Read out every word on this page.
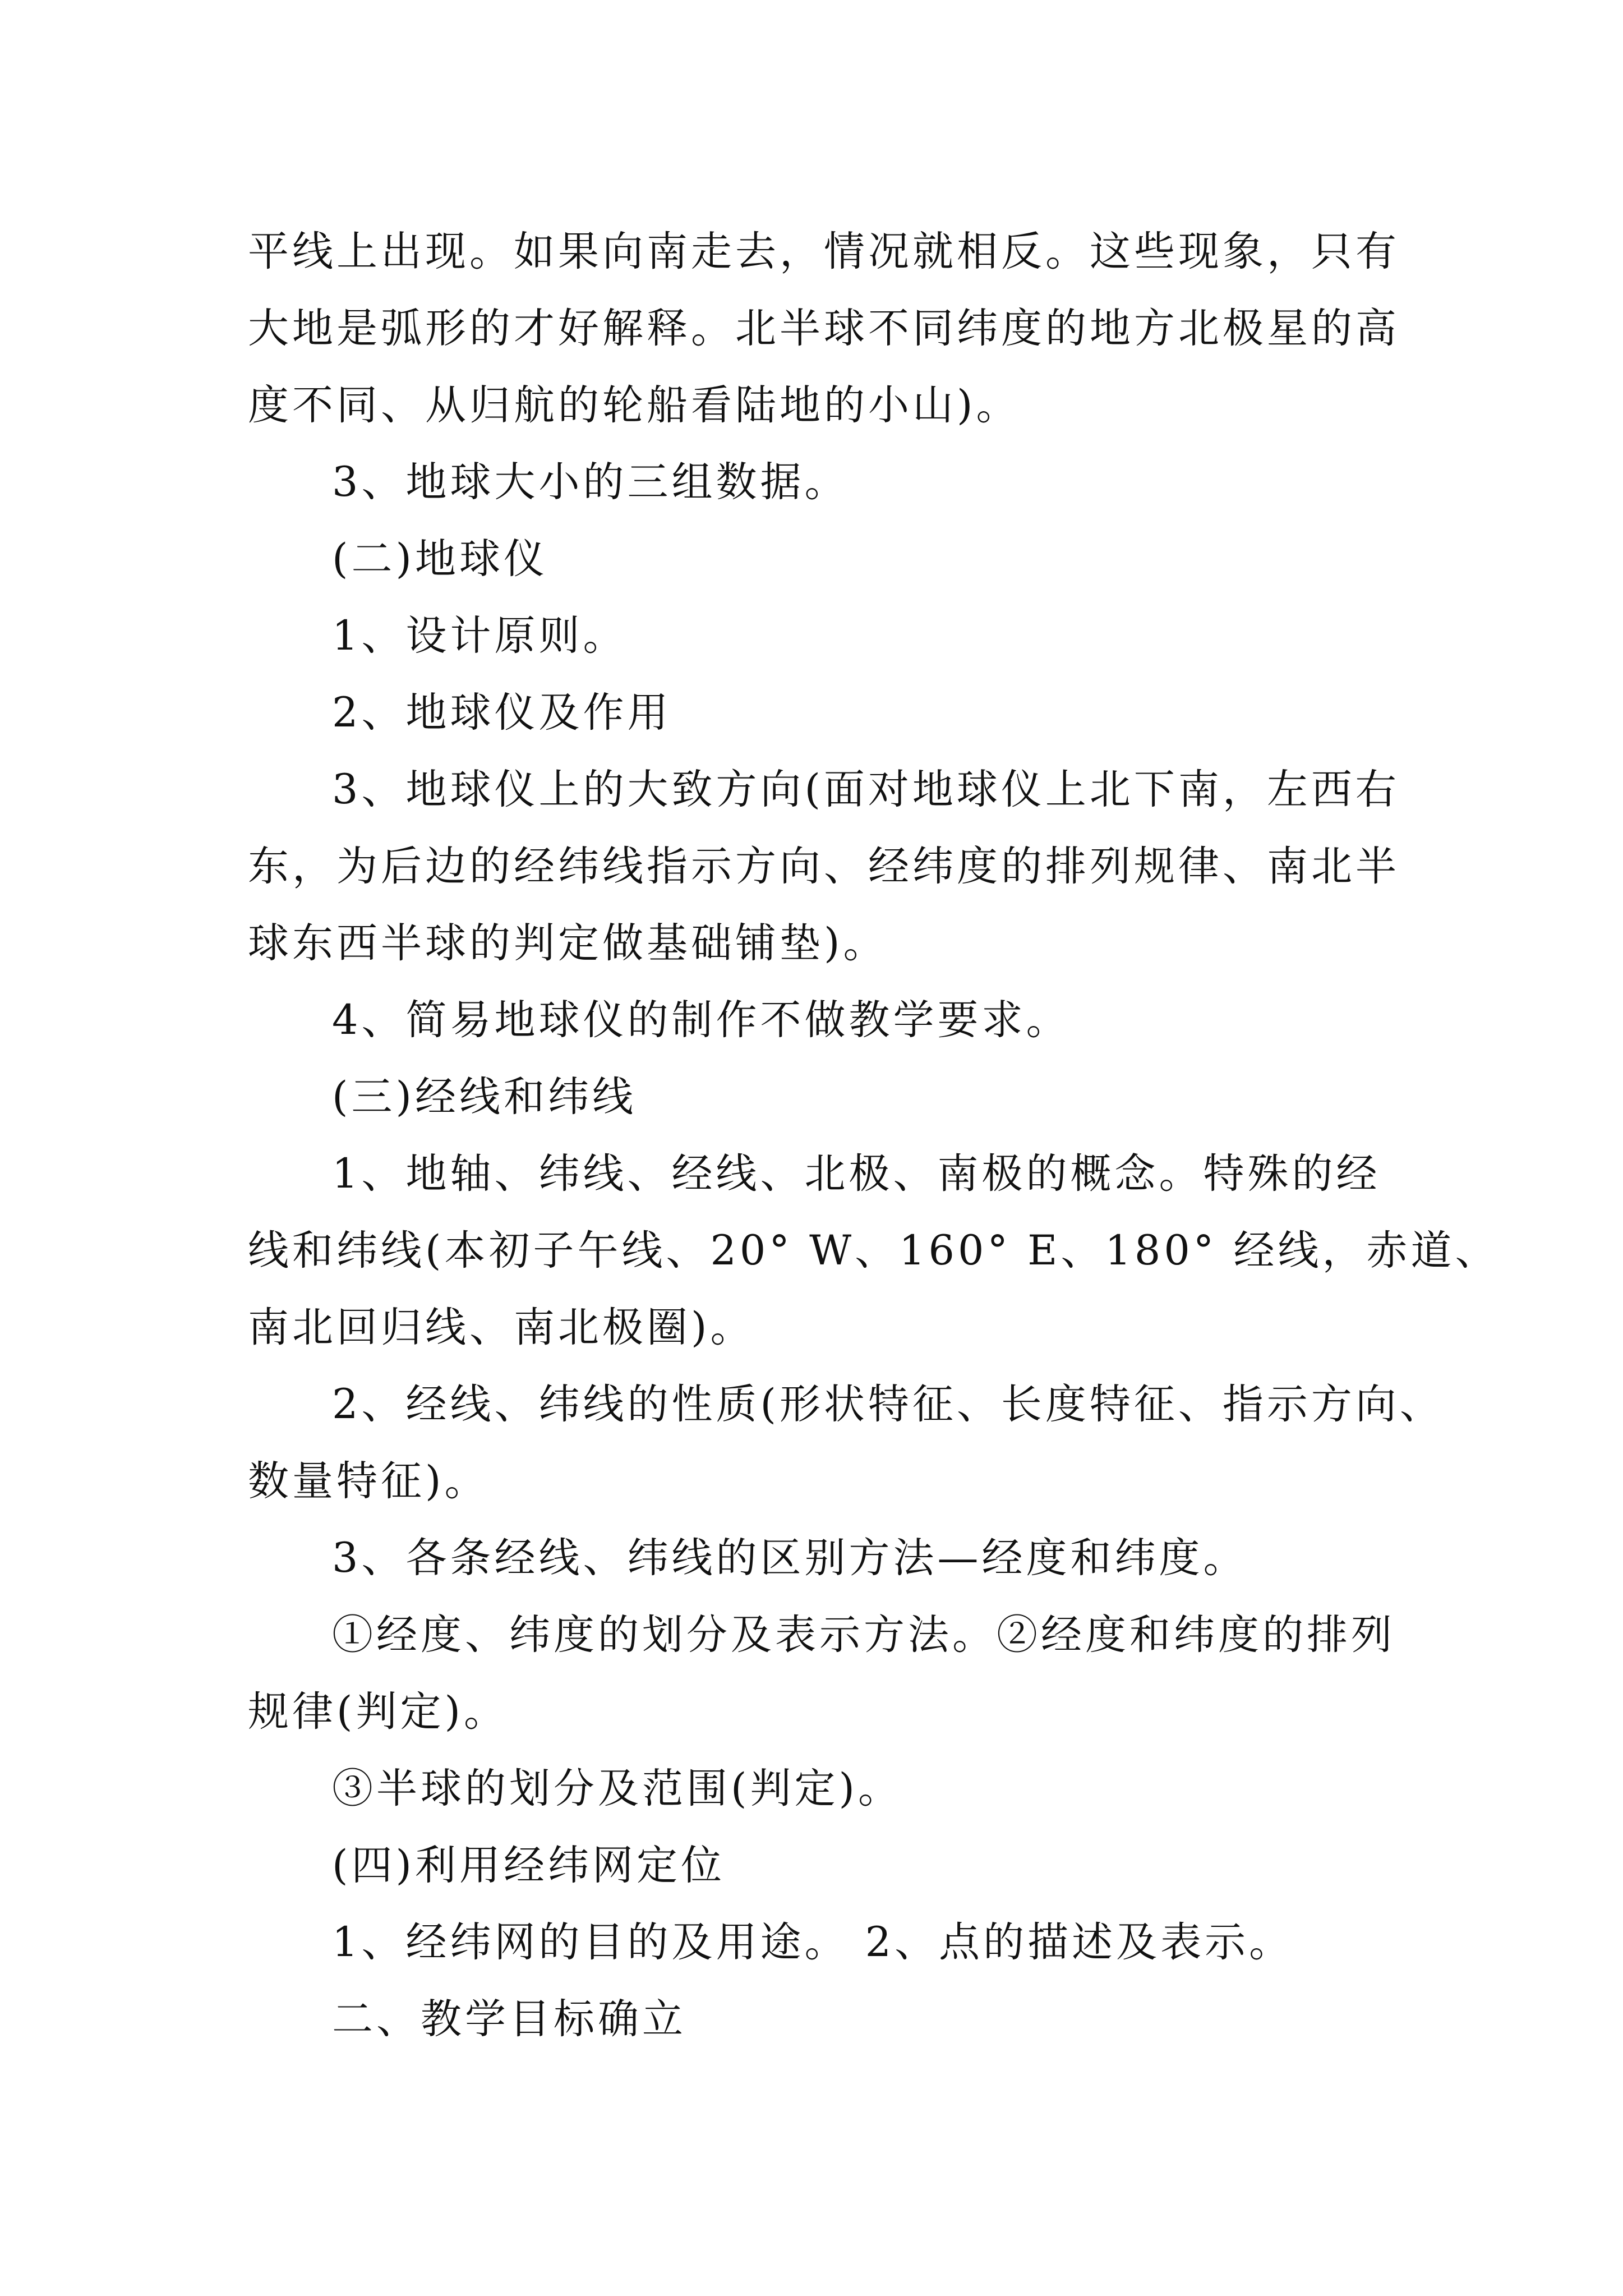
平线上出现。如果向南走去，情况就相反。这些现象，只有

大地是弧形的才好解释。北半球不同纬度的地方北极星的高

度不同、从归航的轮船看陆地的小山)。

3、地球大小的三组数据。

(二)地球仪

1、设计原则。

2、地球仪及作用

3、地球仪上的大致方向(面对地球仪上北下南，左西右

东，为后边的经纬线指示方向、经纬度的排列规律、南北半

球东西半球的判定做基础铺垫)。

4、简易地球仪的制作不做教学要求。

(三)经线和纬线

1、地轴、纬线、经线、北极、南极的概念。特殊的经

线和纬线(本初子午线、20° W、160° E、180° 经线，赤道、

南北回归线、南北极圈)。

2、经线、纬线的性质(形状特征、长度特征、指示方向、

数量特征)。

3、各条经线、纬线的区别方法—经度和纬度。

①经度、纬度的划分及表示方法。②经度和纬度的排列

规律(判定)。

③半球的划分及范围(判定)。

(四)利用经纬网定位

1、经纬网的目的及用途。 2、点的描述及表示。

二、教学目标确立
